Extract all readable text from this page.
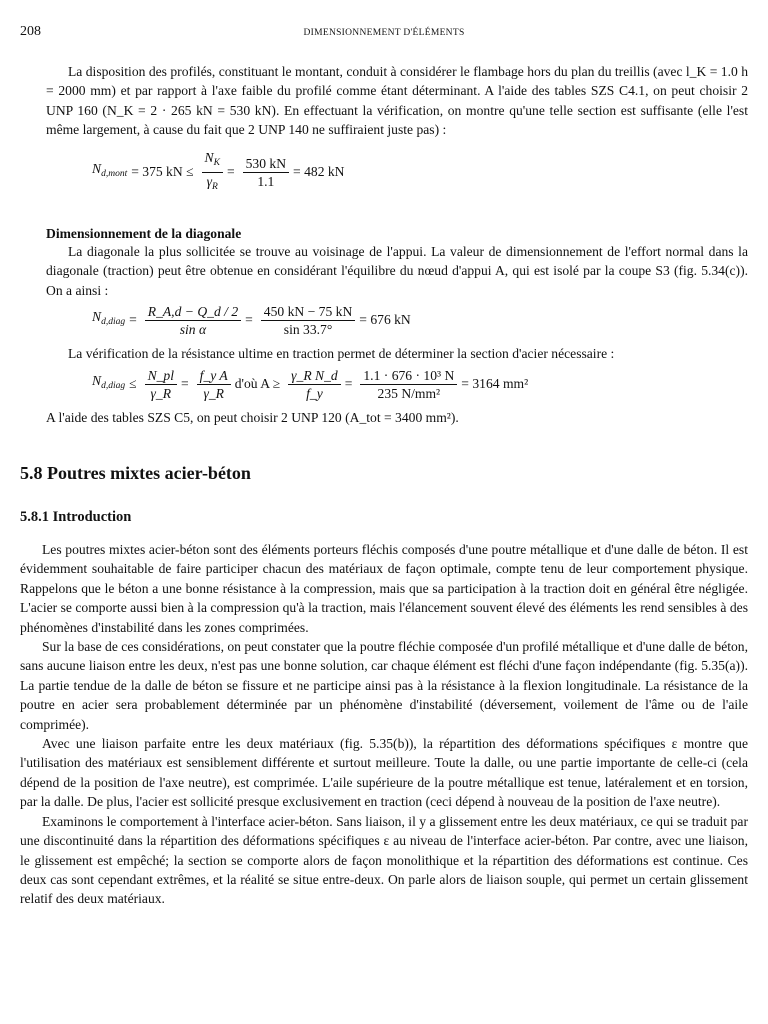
208	DIMENSIONNEMENT D'ÉLÉMENTS

La disposition des profilés, constituant le montant, conduit à considérer le flambage hors du plan du treillis (avec l_K = 1.0 h = 2000 mm) et par rapport à l'axe faible du profilé comme étant déterminant. A l'aide des tables SZS C4.1, on peut choisir 2 UNP 160 (N_K = 2 · 265 kN = 530 kN). En effectuant la vérification, on montre qu'une telle section est suffisante (elle l'est même largement, à cause du fait que 2 UNP 140 ne suffiraient juste pas) :

$N_{d,mont} = 375$ kN ≤ $\frac{N_K}{\gamma_R} = \frac{530 kN}{1.1} = 482$ kN
Dimensionnement de la diagonale

La diagonale la plus sollicitée se trouve au voisinage de l'appui. La valeur de dimensionnement de l'effort normal dans la diagonale (traction) peut être obtenue en considérant l'équilibre du nœud d'appui A, qui est isolé par la coupe S3 (fig. 5.34(c)). On a ainsi :

$N_{d,diag} = \frac{R\_A,d - Q\_d / 2}{\text{sin α}} = \frac{450 kN - 75 kN}{\sin 33.7^\circ} = 676$ kN

La vérification de la résistance ultime en traction permet de déterminer la section d'acier nécessaire :

$N_{d,diag} \le \frac{N\_pl}{\gamma\_R} = \frac{\text{f\_y A}}{\gamma\_R}$ d'où $A \ge \frac{\text{γ\_R N\_d}}{f\_y} = \frac{\text{1.1 · 676 · 10³ N}}{\text{235 N/mm²}} = 3164$ mm²

A l'aide des tables SZS C5, on peut choisir 2 UNP 120 (A_tot = 3400 mm²).

5.8 Poutres mixtes acier-béton
5.8.1 Introduction

Les poutres mixtes acier-béton sont des éléments porteurs fléchis composés d'une poutre métallique et d'une dalle de béton. Il est évidemment souhaitable de faire participer chacun des matériaux de façon optimale, compte tenu de leur comportement physique. Rappelons que le béton a une bonne résistance à la compression, mais que sa participation à la traction doit en général être négligée. L'acier se comporte aussi bien à la compression qu'à la traction, mais l'élancement souvent élevé des éléments les rend sensibles à des phénomènes d'instabilité dans les zones comprimées.

Sur la base de ces considérations, on peut constater que la poutre fléchie composée d'un profilé métallique et d'une dalle de béton, sans aucune liaison entre les deux, n'est pas une bonne solution, car chaque élément est fléchi d'une façon indépendante (fig. 5.35(a)). La partie tendue de la dalle de béton se fissure et ne participe ainsi pas à la résistance à la flexion longitudinale. La résistance de la poutre en acier sera probablement déterminée par un phénomène d'instabilité (déversement, voilement de l'âme ou de l'aile comprimée).

Avec une liaison parfaite entre les deux matériaux (fig. 5.35(b)), la répartition des déformations spécifiques ε montre que l'utilisation des matériaux est sensiblement différente et surtout meilleure. Toute la dalle, ou une partie importante de celle-ci (cela dépend de la position de l'axe neutre), est comprimée. L'aile supérieure de la poutre métallique est tenue, latéralement et en torsion, par la dalle. De plus, l'acier est sollicité presque exclusivement en traction (ceci dépend à nouveau de la position de l'axe neutre).

Examinons le comportement à l'interface acier-béton. Sans liaison, il y a glissement entre les deux matériaux, ce qui se traduit par une discontinuité dans la répartition des déformations spécifiques ε au niveau de l'interface acier-béton. Par contre, avec une liaison, le glissement est empêché; la section se comporte alors de façon monolithique et la répartition des déformations est continue. Ces deux cas sont cependant extrêmes, et la réalité se situe entre-deux. On parle alors de liaison souple, qui permet un certain glissement relatif des deux matériaux.
